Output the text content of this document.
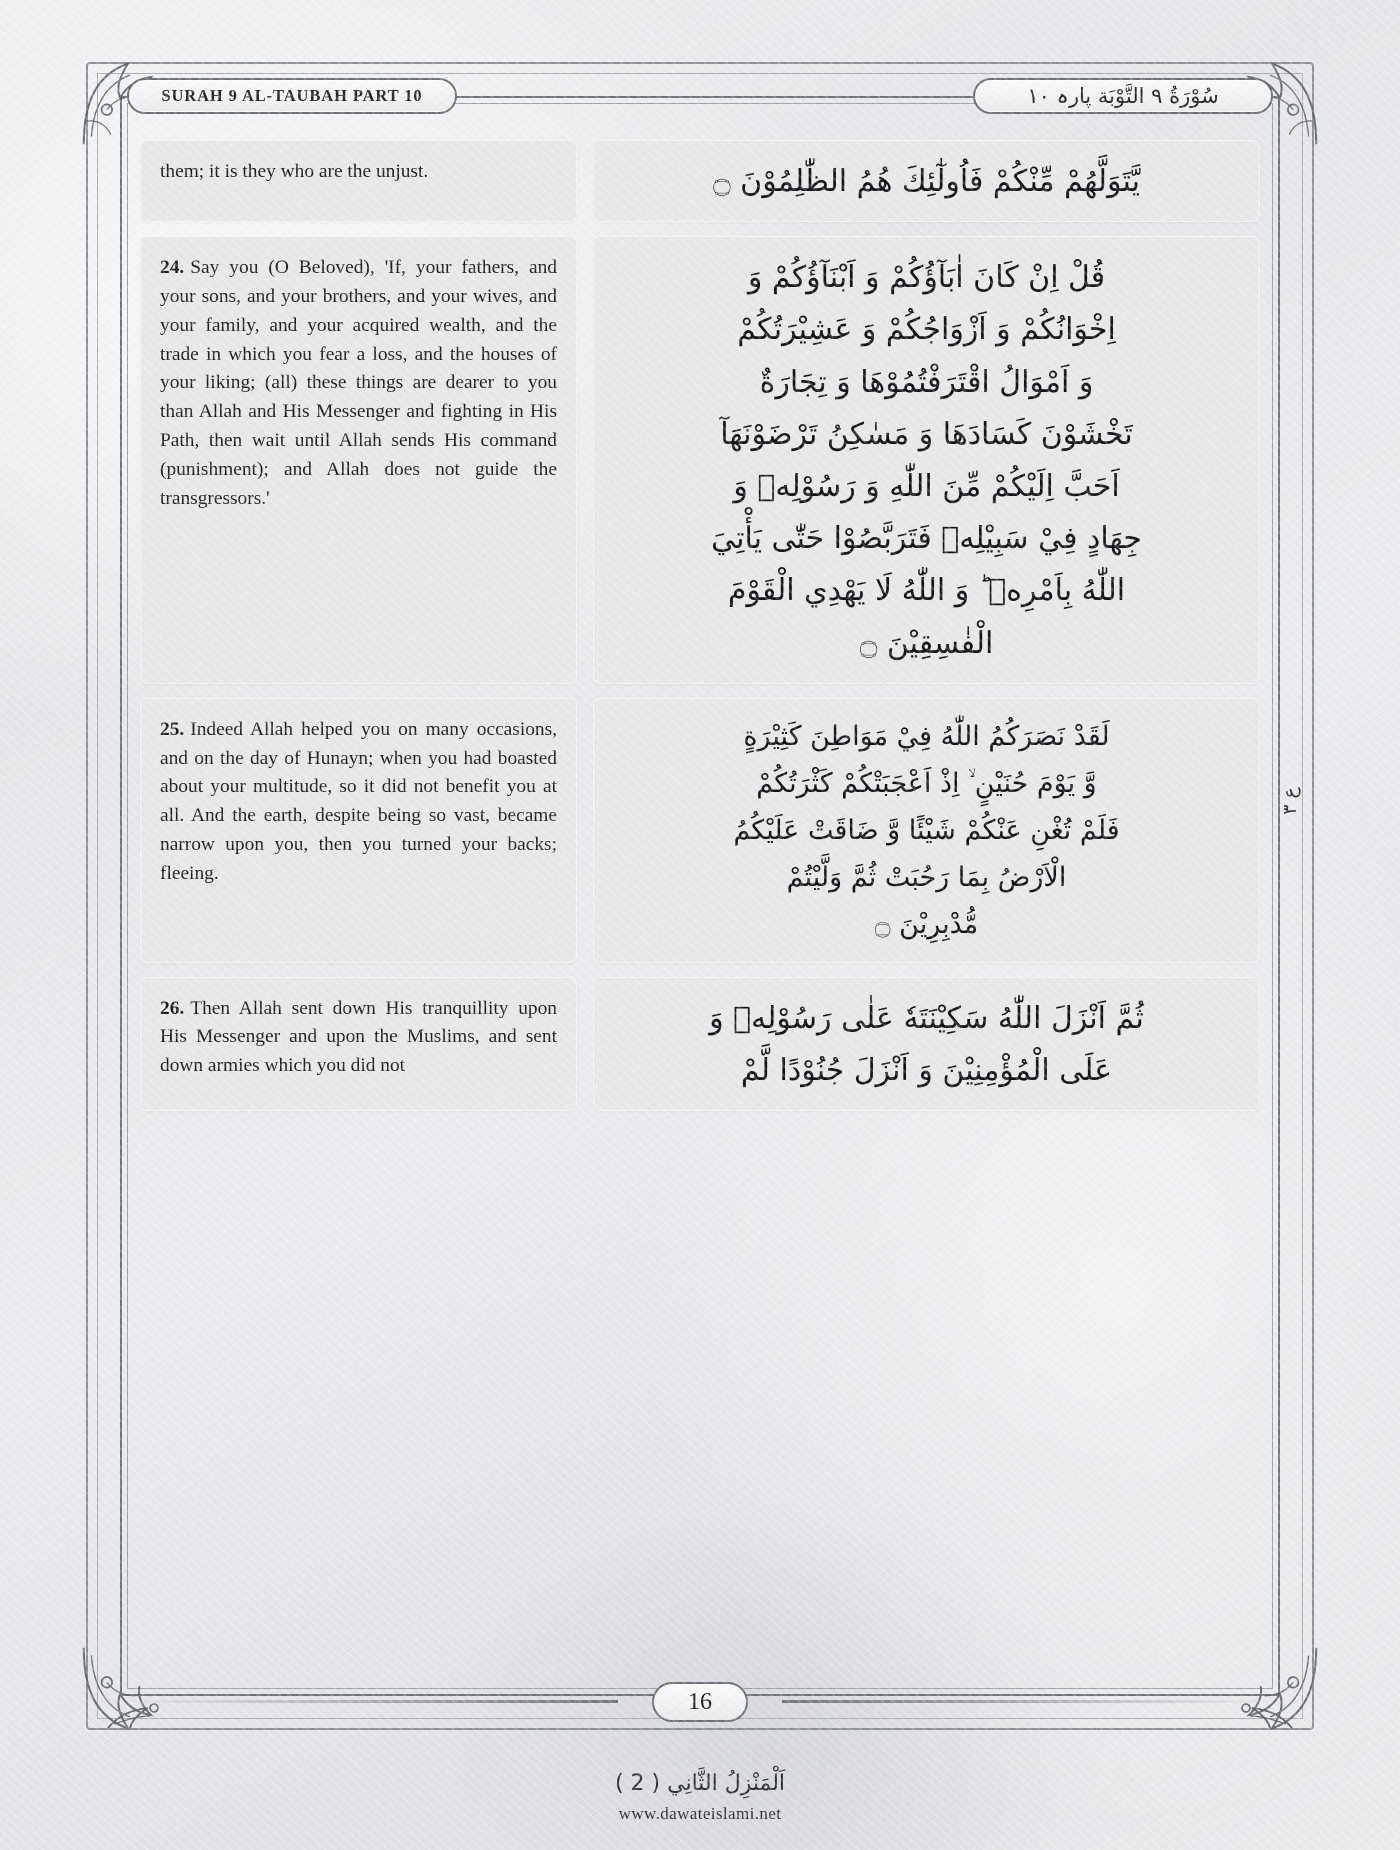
SURAH 9 AL-TAUBAH PART 10	سُوْرَةُ ٩ التَّوْبَة پارہ ١٠

them; it is they who are the unjust.	يَّتَوَلَّهُمْ مِّنْكُمْ فَاُولٰٓئِكَ هُمُ الظّٰلِمُوْنَ ۝

24. Say you (O Beloved), 'If, your fathers, and your sons, and your brothers, and your wives, and your family, and your acquired wealth, and the trade in which you fear a loss, and the houses of your liking; (all) these things are dearer to you than Allah and His Messenger and fighting in His Path, then wait until Allah sends His command (punishment); and Allah does not guide the transgressors.'

قُلْ اِنْ كَانَ اٰبَآؤُكُمْ وَ اَبْنَآؤُكُمْ وَ
اِخْوَانُكُمْ وَ اَزْوَاجُكُمْ وَ عَشِيْرَتُكُمْ
وَ اَمْوَالُ اقْتَرَفْتُمُوْهَا وَ تِجَارَةٌ
تَخْشَوْنَ كَسَادَهَا وَ مَسٰكِنُ تَرْضَوْنَهَآ
اَحَبَّ اِلَيْكُمْ مِّنَ اللّٰهِ وَ رَسُوْلِهٖ وَ
جِهَادٍ فِيْ سَبِيْلِهٖ فَتَرَبَّصُوْا حَتّٰى يَأْتِيَ
اللّٰهُ بِاَمْرِهٖ ؕ وَ اللّٰهُ لَا يَهْدِي الْقَوْمَ
الْفٰسِقِيْنَ ۝

25. Indeed Allah helped you on many occasions, and on the day of Hunayn; when you had boasted about your multitude, so it did not benefit you at all. And the earth, despite being so vast, became narrow upon you, then you turned your backs; fleeing.

لَقَدْ نَصَرَكُمُ اللّٰهُ فِيْ مَوَاطِنَ كَثِيْرَةٍ
وَّ يَوْمَ حُنَيْنٍ ۙ اِذْ اَعْجَبَتْكُمْ كَثْرَتُكُمْ
فَلَمْ تُغْنِ عَنْكُمْ شَيْئًا وَّ ضَاقَتْ عَلَيْكُمُ
الْاَرْضُ بِمَا رَحُبَتْ ثُمَّ وَلَّيْتُمْ
مُّدْبِرِيْنَ ۝

26. Then Allah sent down His tranquillity upon His Messenger and upon the Muslims, and sent down armies which you did not

ثُمَّ اَنْزَلَ اللّٰهُ سَكِيْنَتَهٗ عَلٰى رَسُوْلِهٖ وَ
عَلَى الْمُؤْمِنِيْنَ وَ اَنْزَلَ جُنُوْدًا لَّمْ
ع ٣
16
اَلْمَنْزِلُ الثَّانِي ( 2 )
www.dawateislami.net
